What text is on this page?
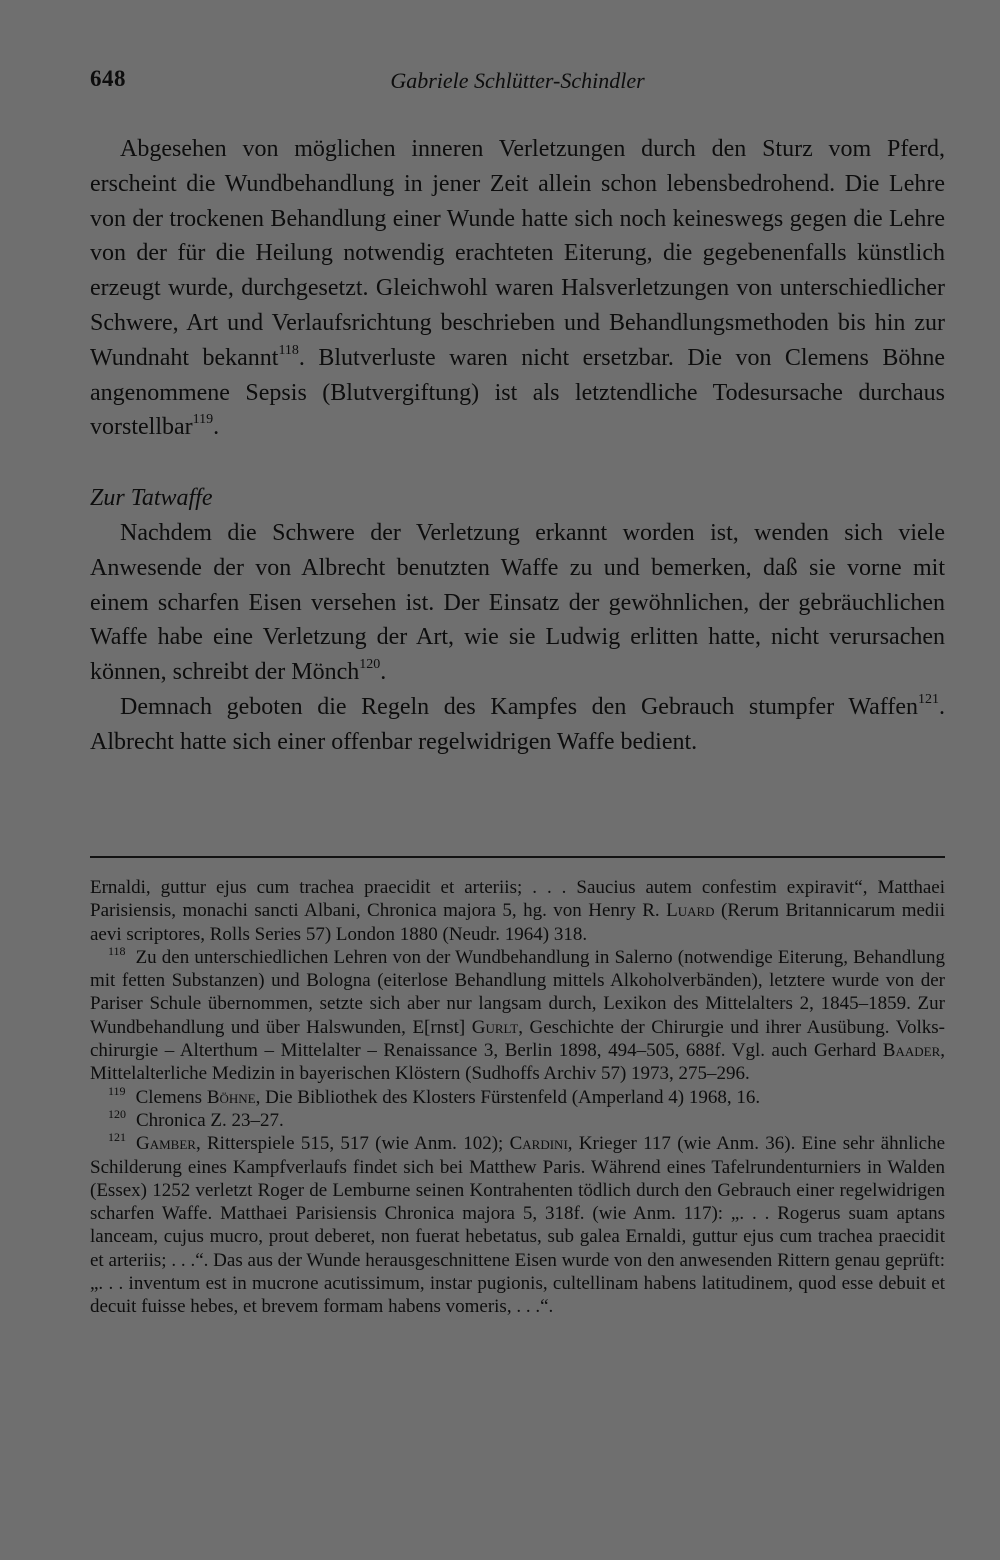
648	Gabriele Schlütter-Schindler

Abgesehen von möglichen inneren Verletzungen durch den Sturz vom Pferd, erscheint die Wundbehandlung in jener Zeit allein schon lebensbedrohend. Die Lehre von der trockenen Behandlung einer Wunde hatte sich noch keineswegs gegen die Lehre von der für die Heilung notwendig erachteten Eiterung, die gegebenenfalls künstlich erzeugt wurde, durchgesetzt. Gleichwohl waren Halsverletzungen von unterschiedlicher Schwere, Art und Verlaufsrichtung beschrieben und Behandlungsmethoden bis hin zur Wundnaht bekannt$^{118}$. Blutverluste waren nicht ersetzbar. Die von Clemens Böhne angenommene Sepsis (Blutvergiftung) ist als letztendliche Todesursache durchaus vorstellbar$^{119}$.

Zur Tatwaffe

Nachdem die Schwere der Verletzung erkannt worden ist, wenden sich viele Anwesende der von Albrecht benutzten Waffe zu und bemerken, daß sie vorne mit einem scharfen Eisen versehen ist. Der Einsatz der gewöhnlichen, der gebräuchlichen Waffe habe eine Verletzung der Art, wie sie Ludwig erlitten hatte, nicht verursachen können, schreibt der Mönch$^{120}$.

Demnach geboten die Regeln des Kampfes den Gebrauch stumpfer Waffen$^{121}$. Albrecht hatte sich einer offenbar regelwidrigen Waffe bedient.

Ernaldi, guttur ejus cum trachea praecidit et arteriis; . . . Saucius autem confestim expiravit“, Matthaei Parisiensis, monachi sancti Albani, Chronica majora 5, hg. von Henry R. Luard (Rerum Britannicarum medii aevi scriptores, Rolls Series 57) London 1880 (Neudr. 1964) 318.

$^{118}$ Zu den unterschiedlichen Lehren von der Wundbehandlung in Salerno (notwendige Eiterung, Behandlung mit fetten Substanzen) und Bologna (eiterlose Behandlung mittels Alkoholverbänden), letztere wurde von der Pariser Schule übernommen, setzte sich aber nur langsam durch, Lexikon des Mittelalters 2, 1845–1859. Zur Wundbehandlung und über Halswunden, E[rnst] Gurlt, Geschichte der Chirurgie und ihrer Ausübung. Volkschirurgie – Alterthum – Mittelalter – Renaissance 3, Berlin 1898, 494–505, 688f. Vgl. auch Gerhard Baader, Mittelalterliche Medizin in bayerischen Klöstern (Sudhoffs Archiv 57) 1973, 275–296.

$^{119}$ Clemens Böhne, Die Bibliothek des Klosters Fürstenfeld (Amperland 4) 1968, 16.

$^{120}$ Chronica Z. 23–27.

$^{121}$ Gamber, Ritterspiele 515, 517 (wie Anm. 102); Cardini, Krieger 117 (wie Anm. 36). Eine sehr ähnliche Schilderung eines Kampfverlaufs findet sich bei Matthew Paris. Während eines Tafelrundenturniers in Walden (Essex) 1252 verletzt Roger de Lemburne seinen Kontrahenten tödlich durch den Gebrauch einer regelwidrigen scharfen Waffe. Matthaei Parisiensis Chronica majora 5, 318f. (wie Anm. 117): „. . . Rogerus suam aptans lanceam, cujus mucro, prout deberet, non fuerat hebetatus, sub galea Ernaldi, guttur ejus cum trachea praecidit et arteriis; . . .“. Das aus der Wunde herausgeschnittene Eisen wurde von den anwesenden Rittern genau geprüft: „. . . inventum est in mucrone acutissimum, instar pugionis, cultellinam habens latitudinem, quod esse debuit et decuit fuisse hebes, et brevem formam habens vomeris, . . .“.
